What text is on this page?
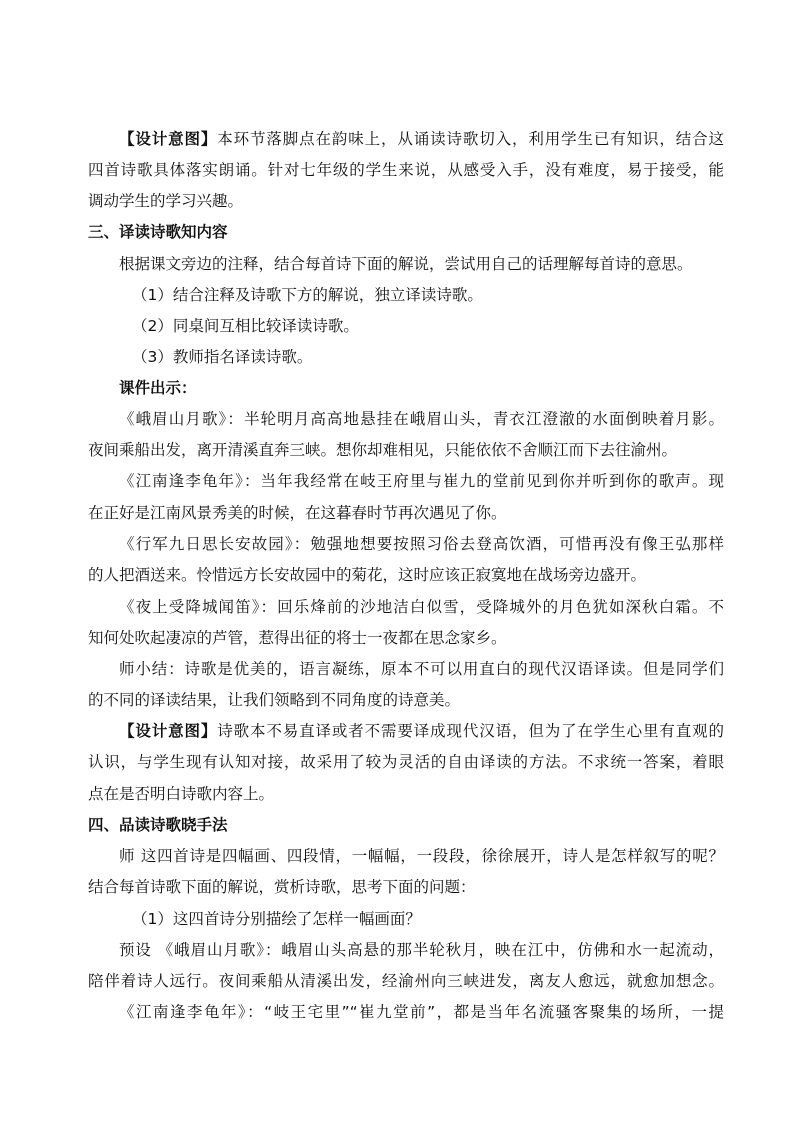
【设计意图】本环节落脚点在韵味上，从诵读诗歌切入，利用学生已有知识，结合这
四首诗歌具体落实朗诵。针对七年级的学生来说，从感受入手，没有难度，易于接受，能
调动学生的学习兴趣。
三、译读诗歌知内容
根据课文旁边的注释，结合每首诗下面的解说，尝试用自己的话理解每首诗的意思。
（1）结合注释及诗歌下方的解说，独立译读诗歌。
（2）同桌间互相比较译读诗歌。
（3）教师指名译读诗歌。
课件出示：
《峨眉山月歌》：半轮明月高高地悬挂在峨眉山头，青衣江澄澈的水面倒映着月影。
夜间乘船出发，离开清溪直奔三峡。想你却难相见，只能依依不舍顺江而下去往渝州。
《江南逢李龟年》：当年我经常在岐王府里与崔九的堂前见到你并听到你的歌声。现
在正好是江南风景秀美的时候，在这暮春时节再次遇见了你。
《行军九日思长安故园》：勉强地想要按照习俗去登高饮酒，可惜再没有像王弘那样
的人把酒送来。怜惜远方长安故园中的菊花，这时应该正寂寞地在战场旁边盛开。
《夜上受降城闻笛》：回乐烽前的沙地洁白似雪，受降城外的月色犹如深秋白霜。不
知何处吹起凄凉的芦管，惹得出征的将士一夜都在思念家乡。
师小结：诗歌是优美的，语言凝练，原本不可以用直白的现代汉语译读。但是同学们
的不同的译读结果，让我们领略到不同角度的诗意美。
【设计意图】诗歌本不易直译或者不需要译成现代汉语，但为了在学生心里有直观的
认识，与学生现有认知对接，故采用了较为灵活的自由译读的方法。不求统一答案，着眼
点在是否明白诗歌内容上。
四、品读诗歌晓手法
师 这四首诗是四幅画、四段情，一幅幅，一段段，徐徐展开，诗人是怎样叙写的呢？
结合每首诗歌下面的解说，赏析诗歌，思考下面的问题：
（1）这四首诗分别描绘了怎样一幅画面？
预设 《峨眉山月歌》：峨眉山头高悬的那半轮秋月，映在江中，仿佛和水一起流动，
陪伴着诗人远行。夜间乘船从清溪出发，经渝州向三峡进发，离友人愈远，就愈加想念。
《江南逢李龟年》：“岐王宅里”“崔九堂前”，都是当年名流骚客聚集的场所，一提
